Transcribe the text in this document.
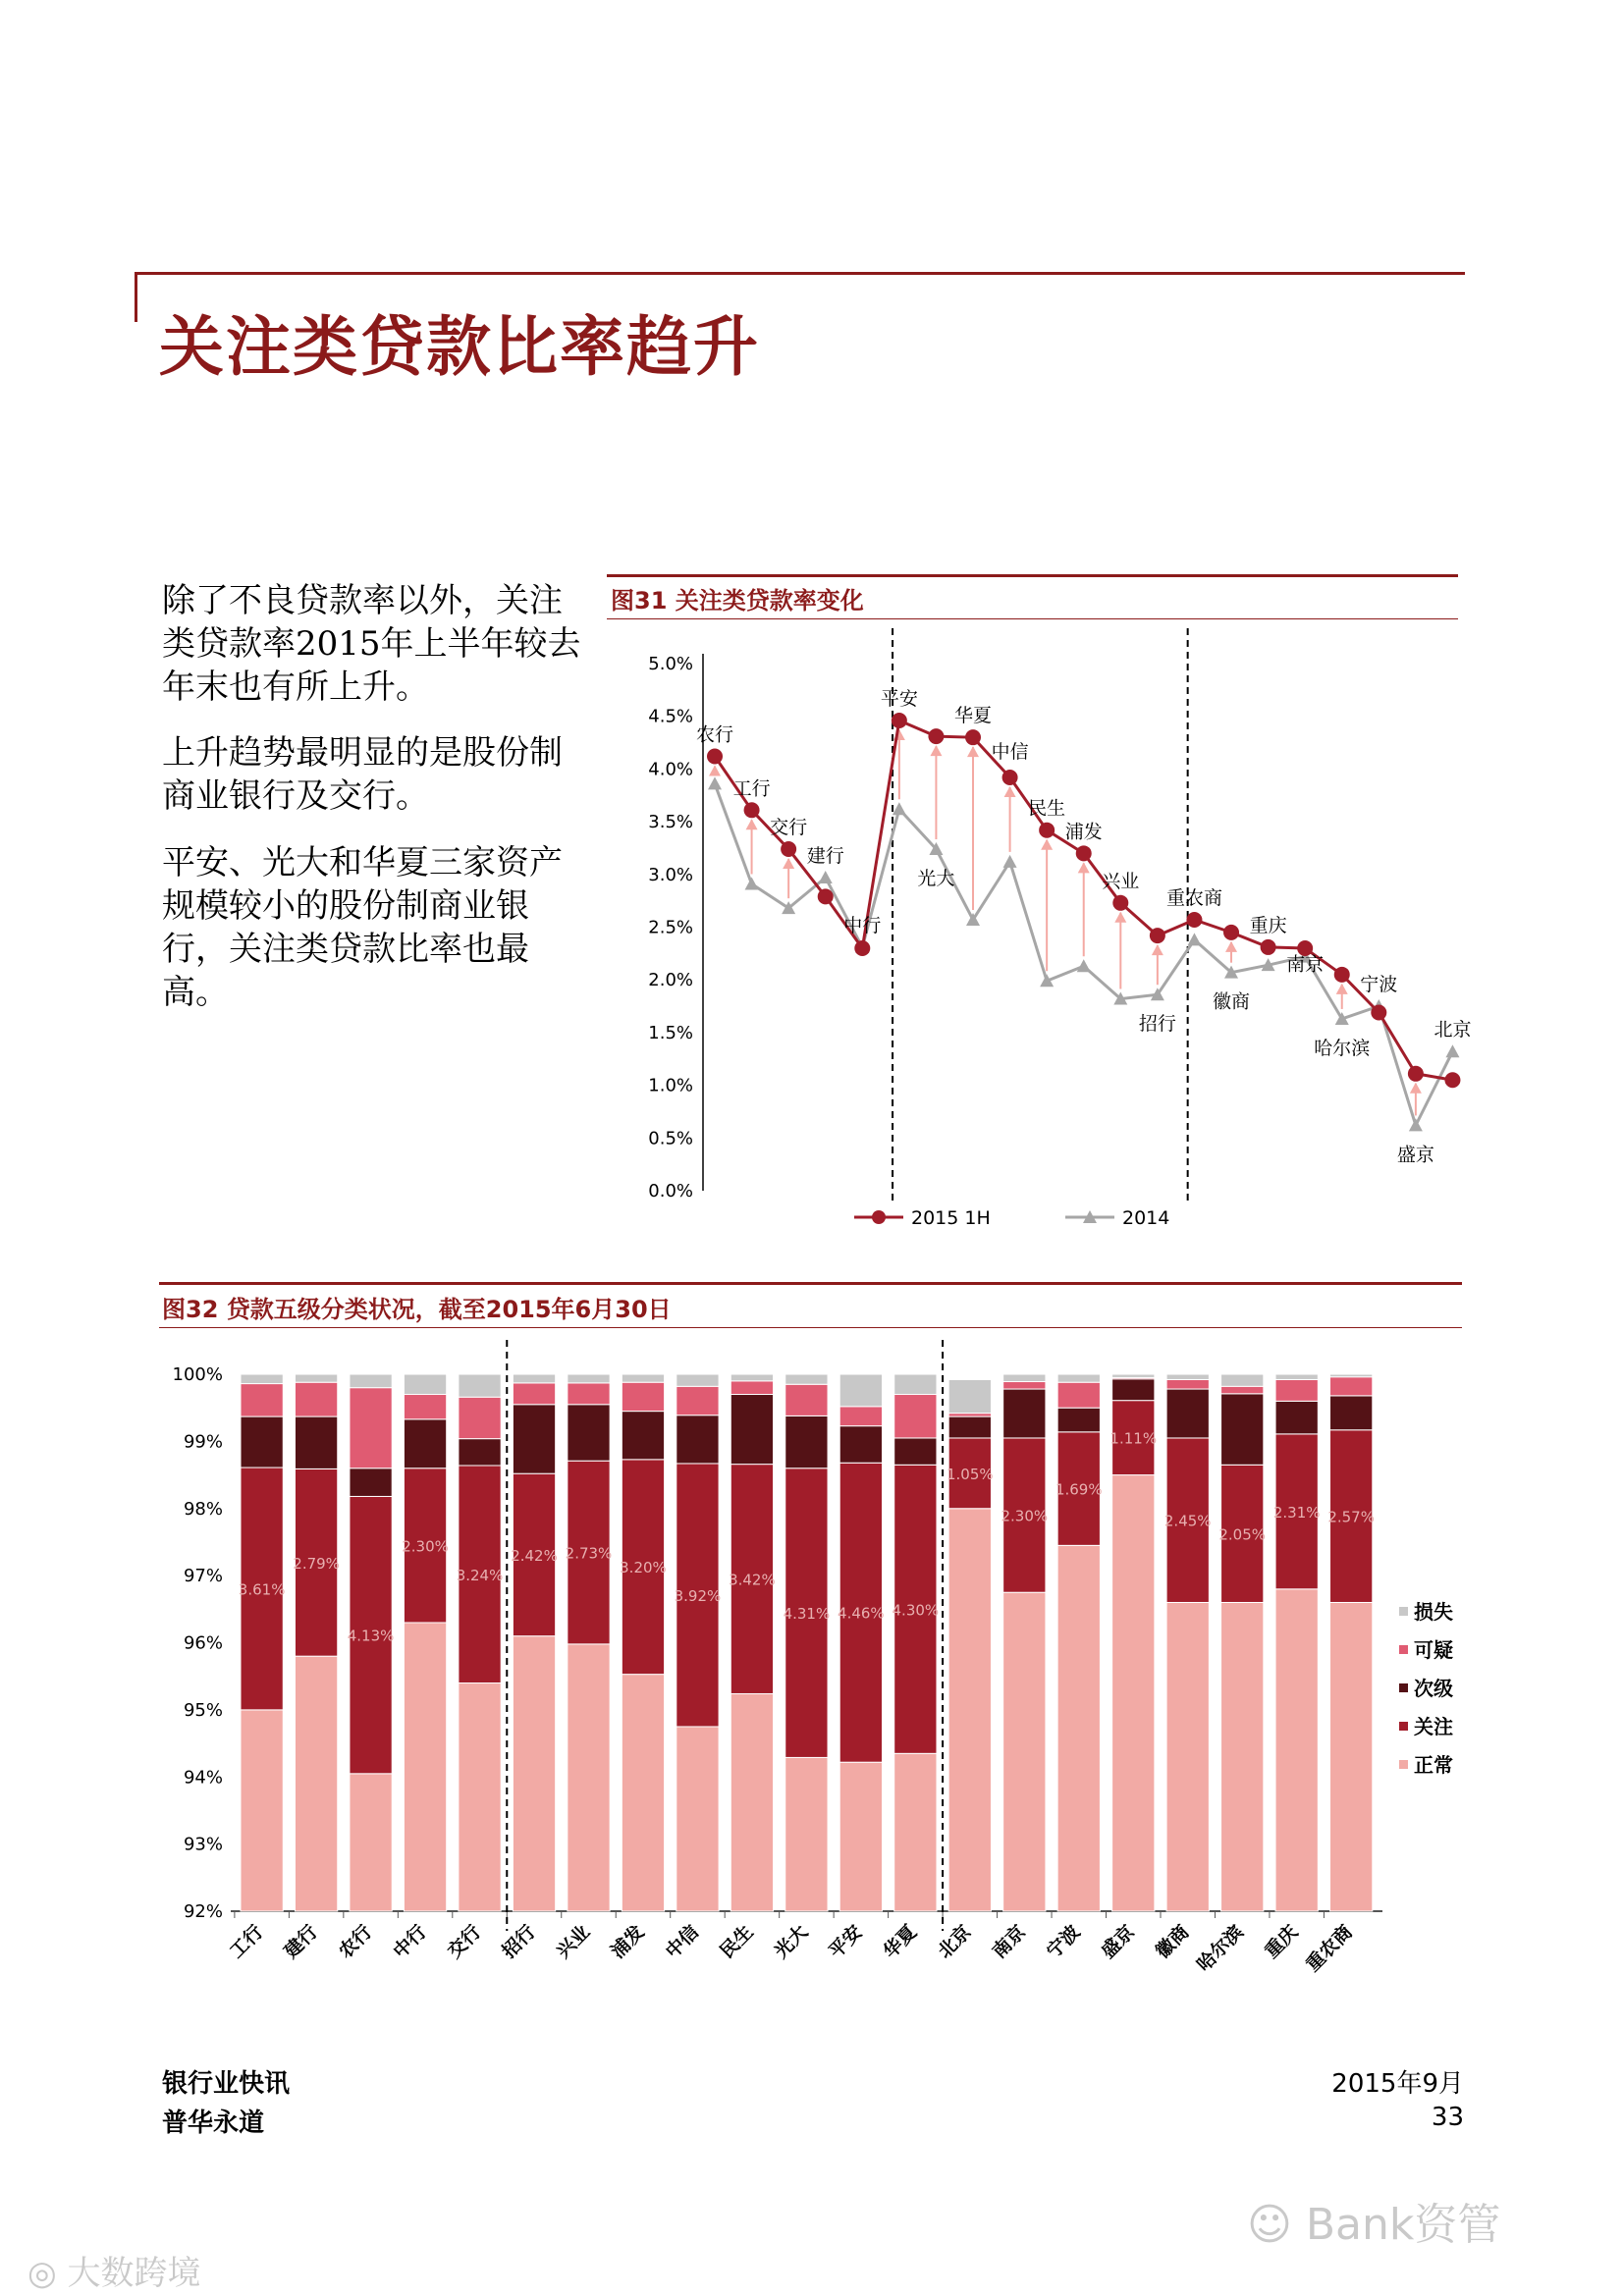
关注类贷款比率趋升
除了不良贷款率以外，关注类贷款率2015年上半年较去年末也有所上升。
上升趋势最明显的是股份制商业银行及交行。
平安、光大和华夏三家资产规模较小的股份制商业银行，关注类贷款比率也最高。
图31 关注类贷款率变化
5.0%
4.5%
4.0%
3.5%
3.0%
2.5%
2.0%
1.5%
1.0%
0.5%
0.0%
农行
工行
交行
建行
中行
平安
光大
华夏
中信
民生
浦发
兴业
招行
重农商
徽商
重庆
南京
哈尔滨
宁波
盛京
北京
2015 1H	2014
图32 贷款五级分类状况，截至2015年6月30日
100%
99%
98%
97%
96%
95%
94%
93%
92%
3.61%
工行
2.79%
建行
4.13%
农行
2.30%
中行
3.24%
交行
2.42%
招行
2.73%
兴业
3.20%
浦发
3.92%
中信
3.42%
民生
4.31%
光大
4.46%
平安
4.30%
华夏
1.05%
北京
2.30%
南京
1.69%
宁波
1.11%
盛京
2.45%
徽商
2.05%
哈尔滨
2.31%
重庆
2.57%
重农商
损失
可疑
次级
关注
正常
银行业快讯
普华永道
2015年9月
33
◎ 大数跨境
☺ Bank资管
